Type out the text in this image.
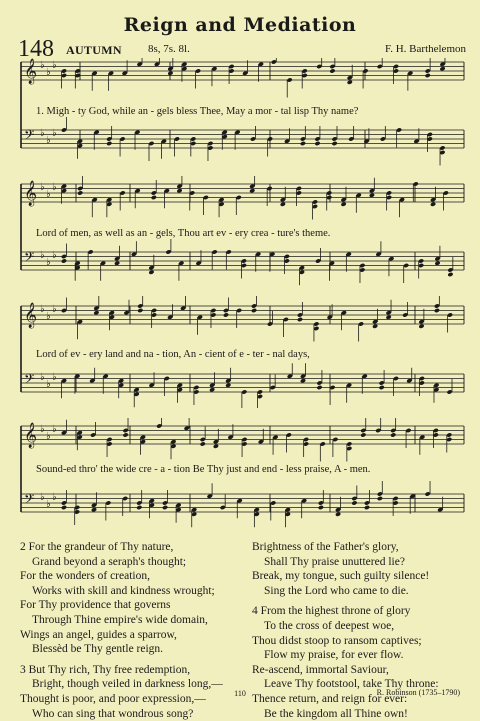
Reign and Mediation
148 AUTUMN 8s, 7s. 8l.	F. H. Barthelemon
𝄞 ♭
♭
♭
𝄢 ♭
♭
♭
1. Migh - ty God, while an - gels bless Thee, May a mor - tal lisp Thy name?
𝄞 ♭
♭
♭
𝄢 ♭
♭
♭
Lord of men, as well as an - gels, Thou art ev - ery crea - ture's theme.
𝄞 ♭
♭
♭
𝄢 ♭
♭
♭
Lord of ev - ery land and na - tion, An - cient of e - ter - nal days,
𝄞 ♭
♭
♭
𝄢 ♭
♭
♭
Sound-ed thro' the wide cre - a - tion Be Thy just and end - less praise, A - men.
2 For the grandeur of Thy nature,
Grand beyond a seraph's thought;
For the wonders of creation,
Works with skill and kindness wrought;
For Thy providence that governs
Through Thine empire's wide domain,
Wings an angel, guides a sparrow,
Blessèd be Thy gentle reign.
3 But Thy rich, Thy free redemption,
Bright, though veiled in darkness long,—
Thought is poor, and poor expression,—
Who can sing that wondrous song?
Brightness of the Father's glory,
Shall Thy praise unuttered lie?
Break, my tongue, such guilty silence!
Sing the Lord who came to die.
4 From the highest throne of glory
To the cross of deepest woe,
Thou didst stoop to ransom captives;
Flow my praise, for ever flow.
Re-ascend, immortal Saviour,
Leave Thy footstool, take Thy throne:
Thence return, and reign for ever:
Be the kingdom all Thine own!
110	R. Robinson (1735–1790)
